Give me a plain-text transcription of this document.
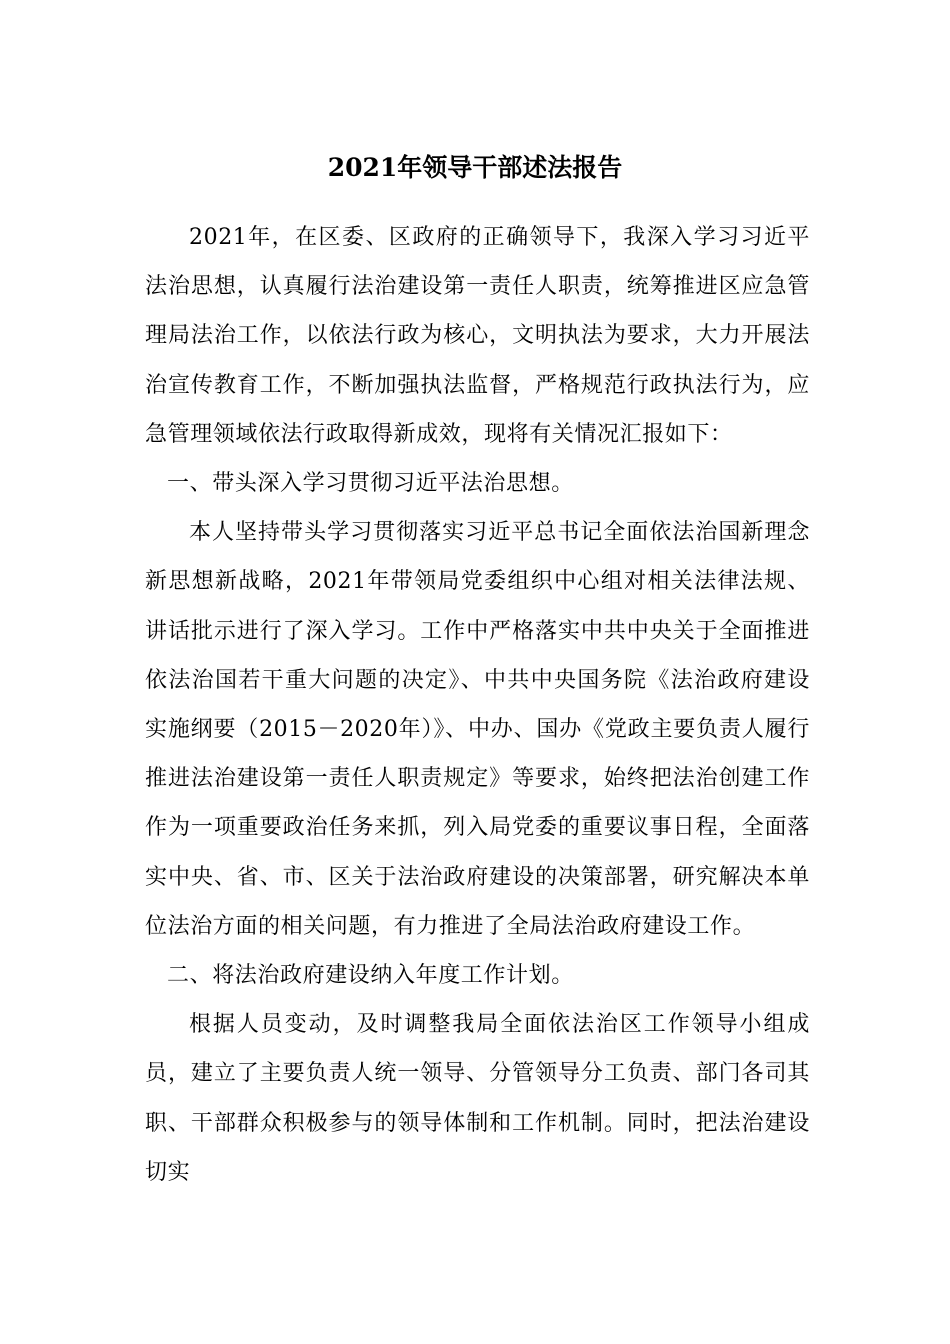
2021年领导干部述法报告

2021年，在区委、区政府的正确领导下，我深入学习习近平法治思想，认真履行法治建设第一责任人职责，统筹推进区应急管理局法治工作，以依法行政为核心，文明执法为要求，大力开展法治宣传教育工作，不断加强执法监督，严格规范行政执法行为，应急管理领域依法行政取得新成效，现将有关情况汇报如下：

一、带头深入学习贯彻习近平法治思想。

本人坚持带头学习贯彻落实习近平总书记全面依法治国新理念新思想新战略，2021年带领局党委组织中心组对相关法律法规、讲话批示进行了深入学习。工作中严格落实中共中央关于全面推进依法治国若干重大问题的决定》、中共中央国务院《法治政府建设实施纲要（2015－2020年）》、中办、国办《党政主要负责人履行推进法治建设第一责任人职责规定》等要求，始终把法治创建工作作为一项重要政治任务来抓，列入局党委的重要议事日程，全面落实中央、省、市、区关于法治政府建设的决策部署，研究解决本单位法治方面的相关问题，有力推进了全局法治政府建设工作。

二、将法治政府建设纳入年度工作计划。

根据人员变动，及时调整我局全面依法治区工作领导小组成员，建立了主要负责人统一领导、分管领导分工负责、部门各司其职、干部群众积极参与的领导体制和工作机制。同时，把法治建设切实
